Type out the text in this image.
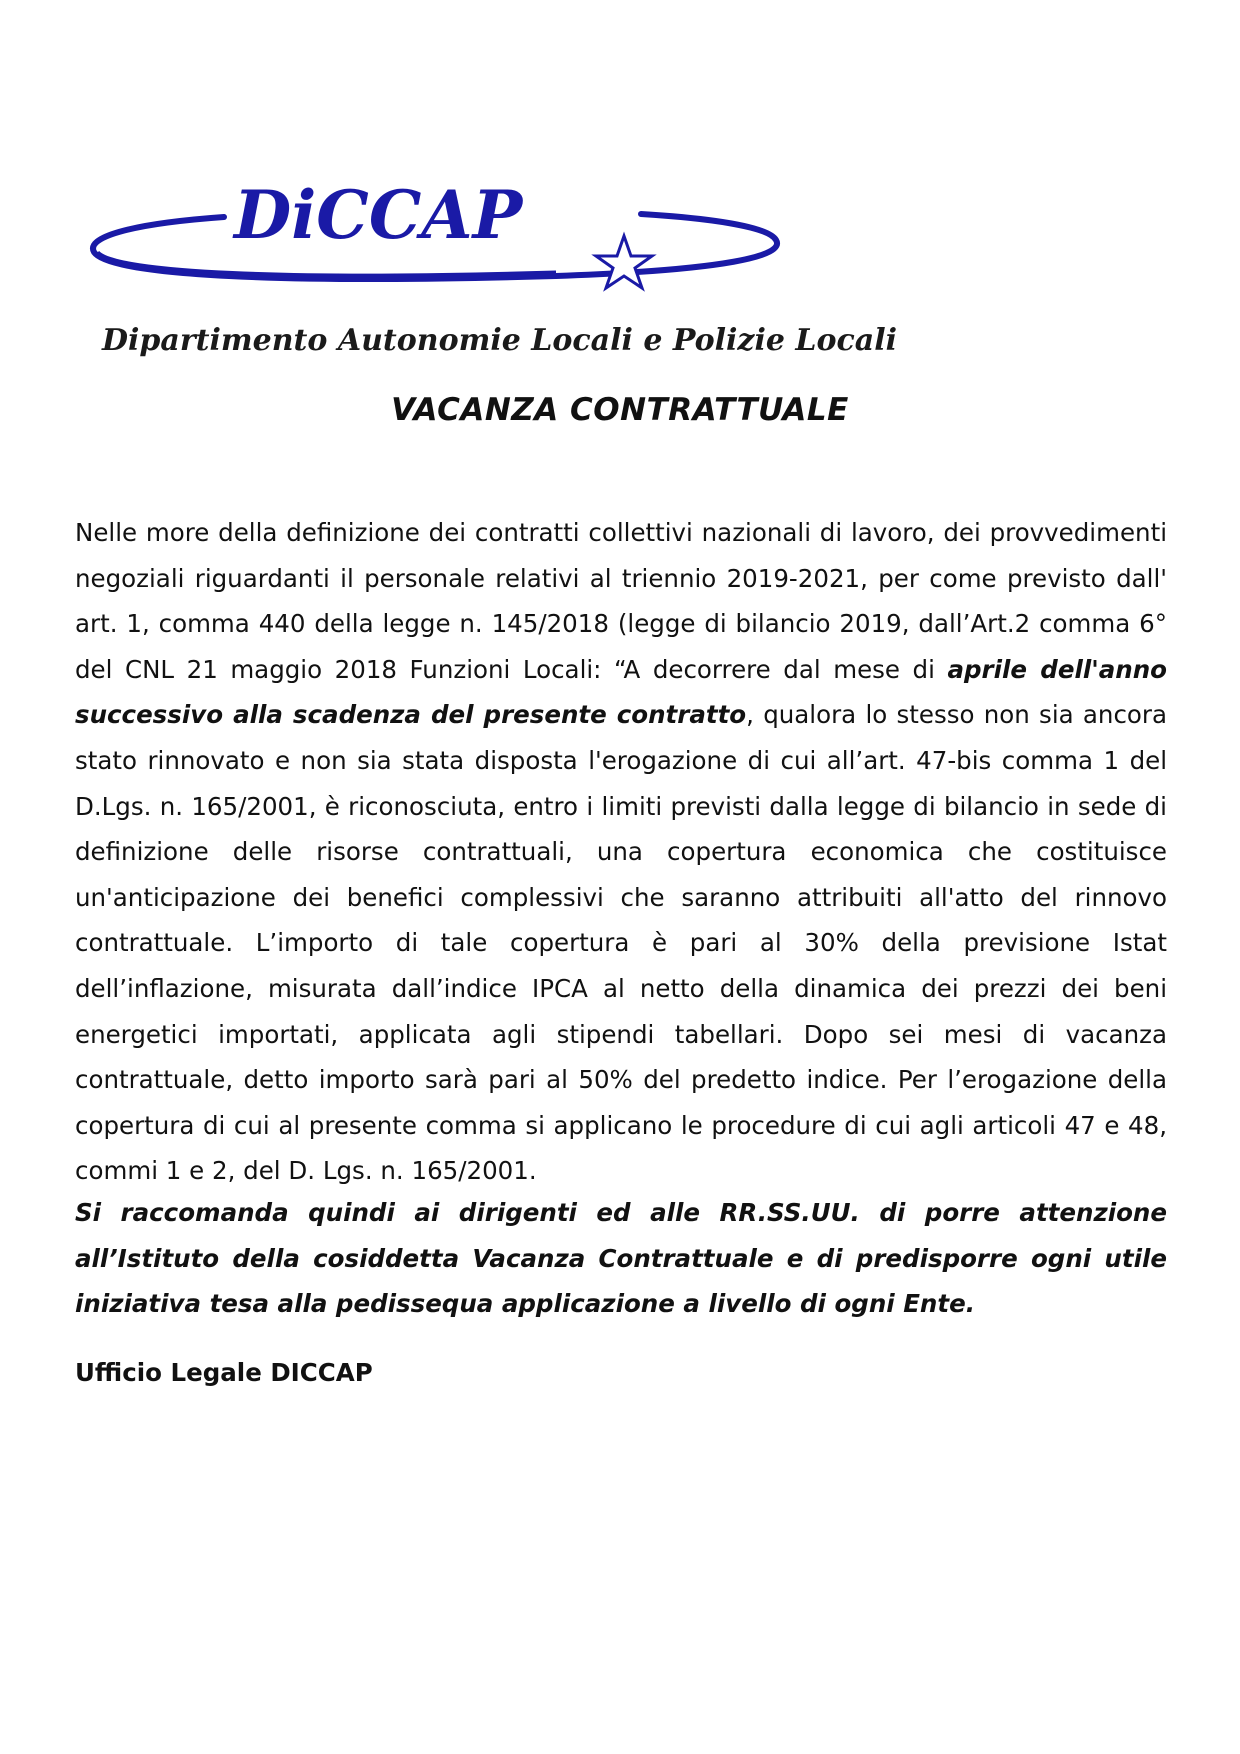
DiCCAP
Dipartimento Autonomie Locali e Polizie Locali
VACANZA CONTRATTUALE

Nelle more della definizione dei contratti collettivi nazionali di lavoro, dei provvedimenti negoziali riguardanti il personale relativi al triennio 2019-2021, per come previsto dall' art. 1, comma 440 della legge n. 145/2018 (legge di bilancio 2019, dall’Art.2 comma 6° del CNL 21 maggio 2018 Funzioni Locali: “A decorrere dal mese di aprile dell'anno successivo alla scadenza del presente contratto, qualora lo stesso non sia ancora stato rinnovato e non sia stata disposta l'erogazione di cui all’art. 47-bis comma 1 del D.Lgs. n. 165/2001, è riconosciuta, entro i limiti previsti dalla legge di bilancio in sede di definizione delle risorse contrattuali, una copertura economica che costituisce un'anticipazione dei benefici complessivi che saranno attribuiti all'atto del rinnovo contrattuale. L’importo di tale copertura è pari al 30% della previsione Istat dell’inflazione, misurata dall’indice IPCA al netto della dinamica dei prezzi dei beni energetici importati, applicata agli stipendi tabellari. Dopo sei mesi di vacanza contrattuale, detto importo sarà pari al 50% del predetto indice. Per l’erogazione della copertura di cui al presente comma si applicano le procedure di cui agli articoli 47 e 48, commi 1 e 2, del D. Lgs. n. 165/2001.

Si raccomanda quindi ai dirigenti ed alle RR.SS.UU. di porre attenzione all’Istituto della cosiddetta Vacanza Contrattuale e di predisporre ogni utile iniziativa tesa alla pedissequa applicazione a livello di ogni Ente.

Ufficio Legale DICCAP
